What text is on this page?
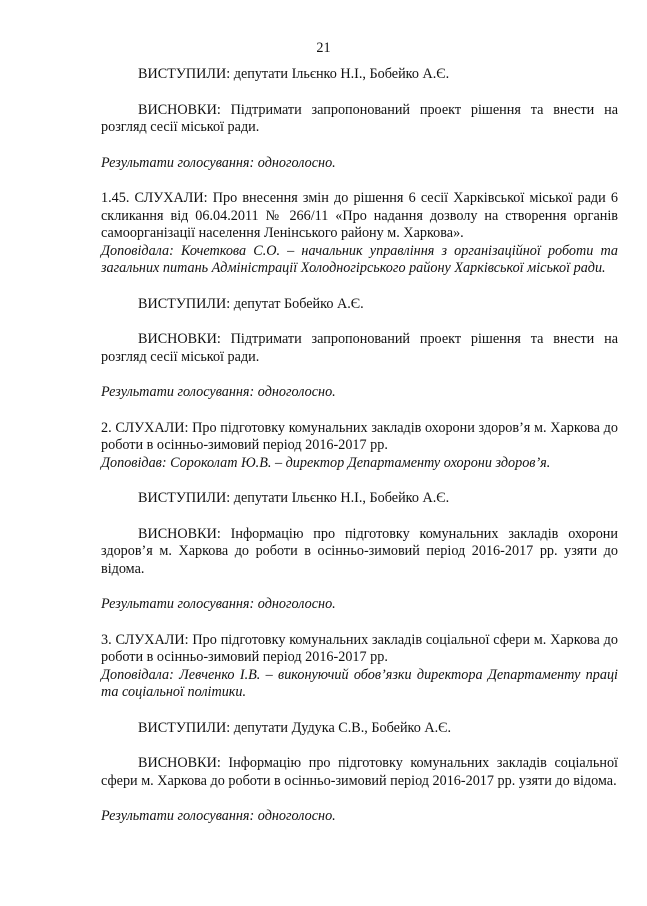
21

ВИСТУПИЛИ: депутати Ільєнко Н.І., Бобейко А.Є.

ВИСНОВКИ: Підтримати запропонований проект рішення та внести на розгляд сесії міської ради.

Результати голосування: одноголосно.

1.45. СЛУХАЛИ: Про внесення змін до рішення 6 сесії Харківської міської ради 6 скликання від 06.04.2011 № 266/11 «Про надання дозволу на створення органів самоорганізації населення Ленінського району м. Харкова».

Доповідала: Кочеткова С.О. – начальник управління з організаційної роботи та загальних питань Адміністрації Холодногірського району Харківської міської ради.

ВИСТУПИЛИ: депутат Бобейко А.Є.

ВИСНОВКИ: Підтримати запропонований проект рішення та внести на розгляд сесії міської ради.

Результати голосування: одноголосно.

2. СЛУХАЛИ: Про підготовку комунальних закладів охорони здоров’я м. Харкова до роботи в осінньо-зимовий період 2016-2017 рр.

Доповідав: Сороколат Ю.В. – директор Департаменту охорони здоров’я.

ВИСТУПИЛИ: депутати Ільєнко Н.І., Бобейко А.Є.

ВИСНОВКИ: Інформацію про підготовку комунальних закладів охорони здоров’я м. Харкова до роботи в осінньо-зимовий період 2016-2017 рр. узяти до відома.

Результати голосування: одноголосно.

3. СЛУХАЛИ: Про підготовку комунальних закладів соціальної сфери м. Харкова до роботи в осінньо-зимовий період 2016-2017 рр.

Доповідала: Левченко І.В. – виконуючий обов’язки директора Департаменту праці та соціальної політики.

ВИСТУПИЛИ: депутати Дудука С.В., Бобейко А.Є.

ВИСНОВКИ: Інформацію про підготовку комунальних закладів соціальної сфери м. Харкова до роботи в осінньо-зимовий період 2016-2017 рр. узяти до відома.

Результати голосування: одноголосно.
